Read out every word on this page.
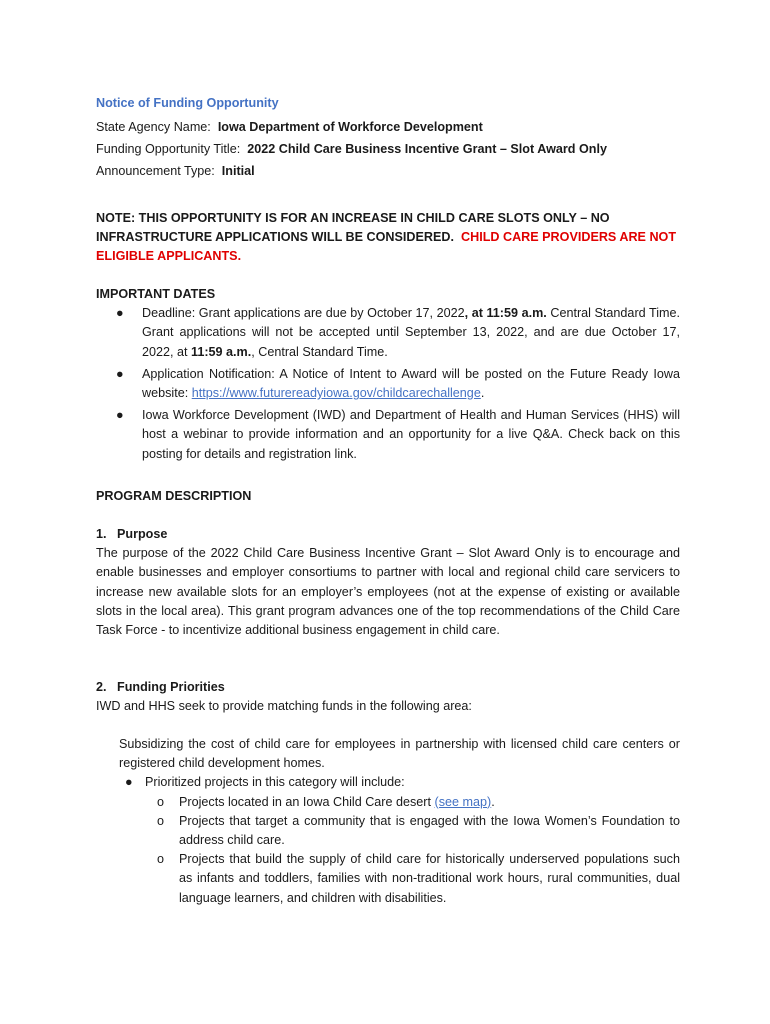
Notice of Funding Opportunity
State Agency Name: Iowa Department of Workforce Development
Funding Opportunity Title: 2022 Child Care Business Incentive Grant – Slot Award Only
Announcement Type: Initial
NOTE: THIS OPPORTUNITY IS FOR AN INCREASE IN CHILD CARE SLOTS ONLY – NO INFRASTRUCTURE APPLICATIONS WILL BE CONSIDERED. CHILD CARE PROVIDERS ARE NOT ELIGIBLE APPLICANTS.
IMPORTANT DATES
● Deadline: Grant applications are due by October 17, 2022, at 11:59 a.m. Central Standard Time. Grant applications will not be accepted until September 13, 2022, and are due October 17, 2022, at 11:59 a.m., Central Standard Time.
● Application Notification: A Notice of Intent to Award will be posted on the Future Ready Iowa website: https://www.futurereadyiowa.gov/childcarechallenge.
● Iowa Workforce Development (IWD) and Department of Health and Human Services (HHS) will host a webinar to provide information and an opportunity for a live Q&A. Check back on this posting for details and registration link.
PROGRAM DESCRIPTION
1.   Purpose
The purpose of the 2022 Child Care Business Incentive Grant – Slot Award Only is to encourage and enable businesses and employer consortiums to partner with local and regional child care servicers to increase new available slots for an employer’s employees (not at the expense of existing or available slots in the local area). This grant program advances one of the top recommendations of the Child Care Task Force - to incentivize additional business engagement in child care.
2.   Funding Priorities
IWD and HHS seek to provide matching funds in the following area:
Subsidizing the cost of child care for employees in partnership with licensed child care centers or registered child development homes.
● Prioritized projects in this category will include:
o Projects located in an Iowa Child Care desert (see map).
o Projects that target a community that is engaged with the Iowa Women’s Foundation to address child care.
o Projects that build the supply of child care for historically underserved populations such as infants and toddlers, families with non-traditional work hours, rural communities, dual language learners, and children with disabilities.
